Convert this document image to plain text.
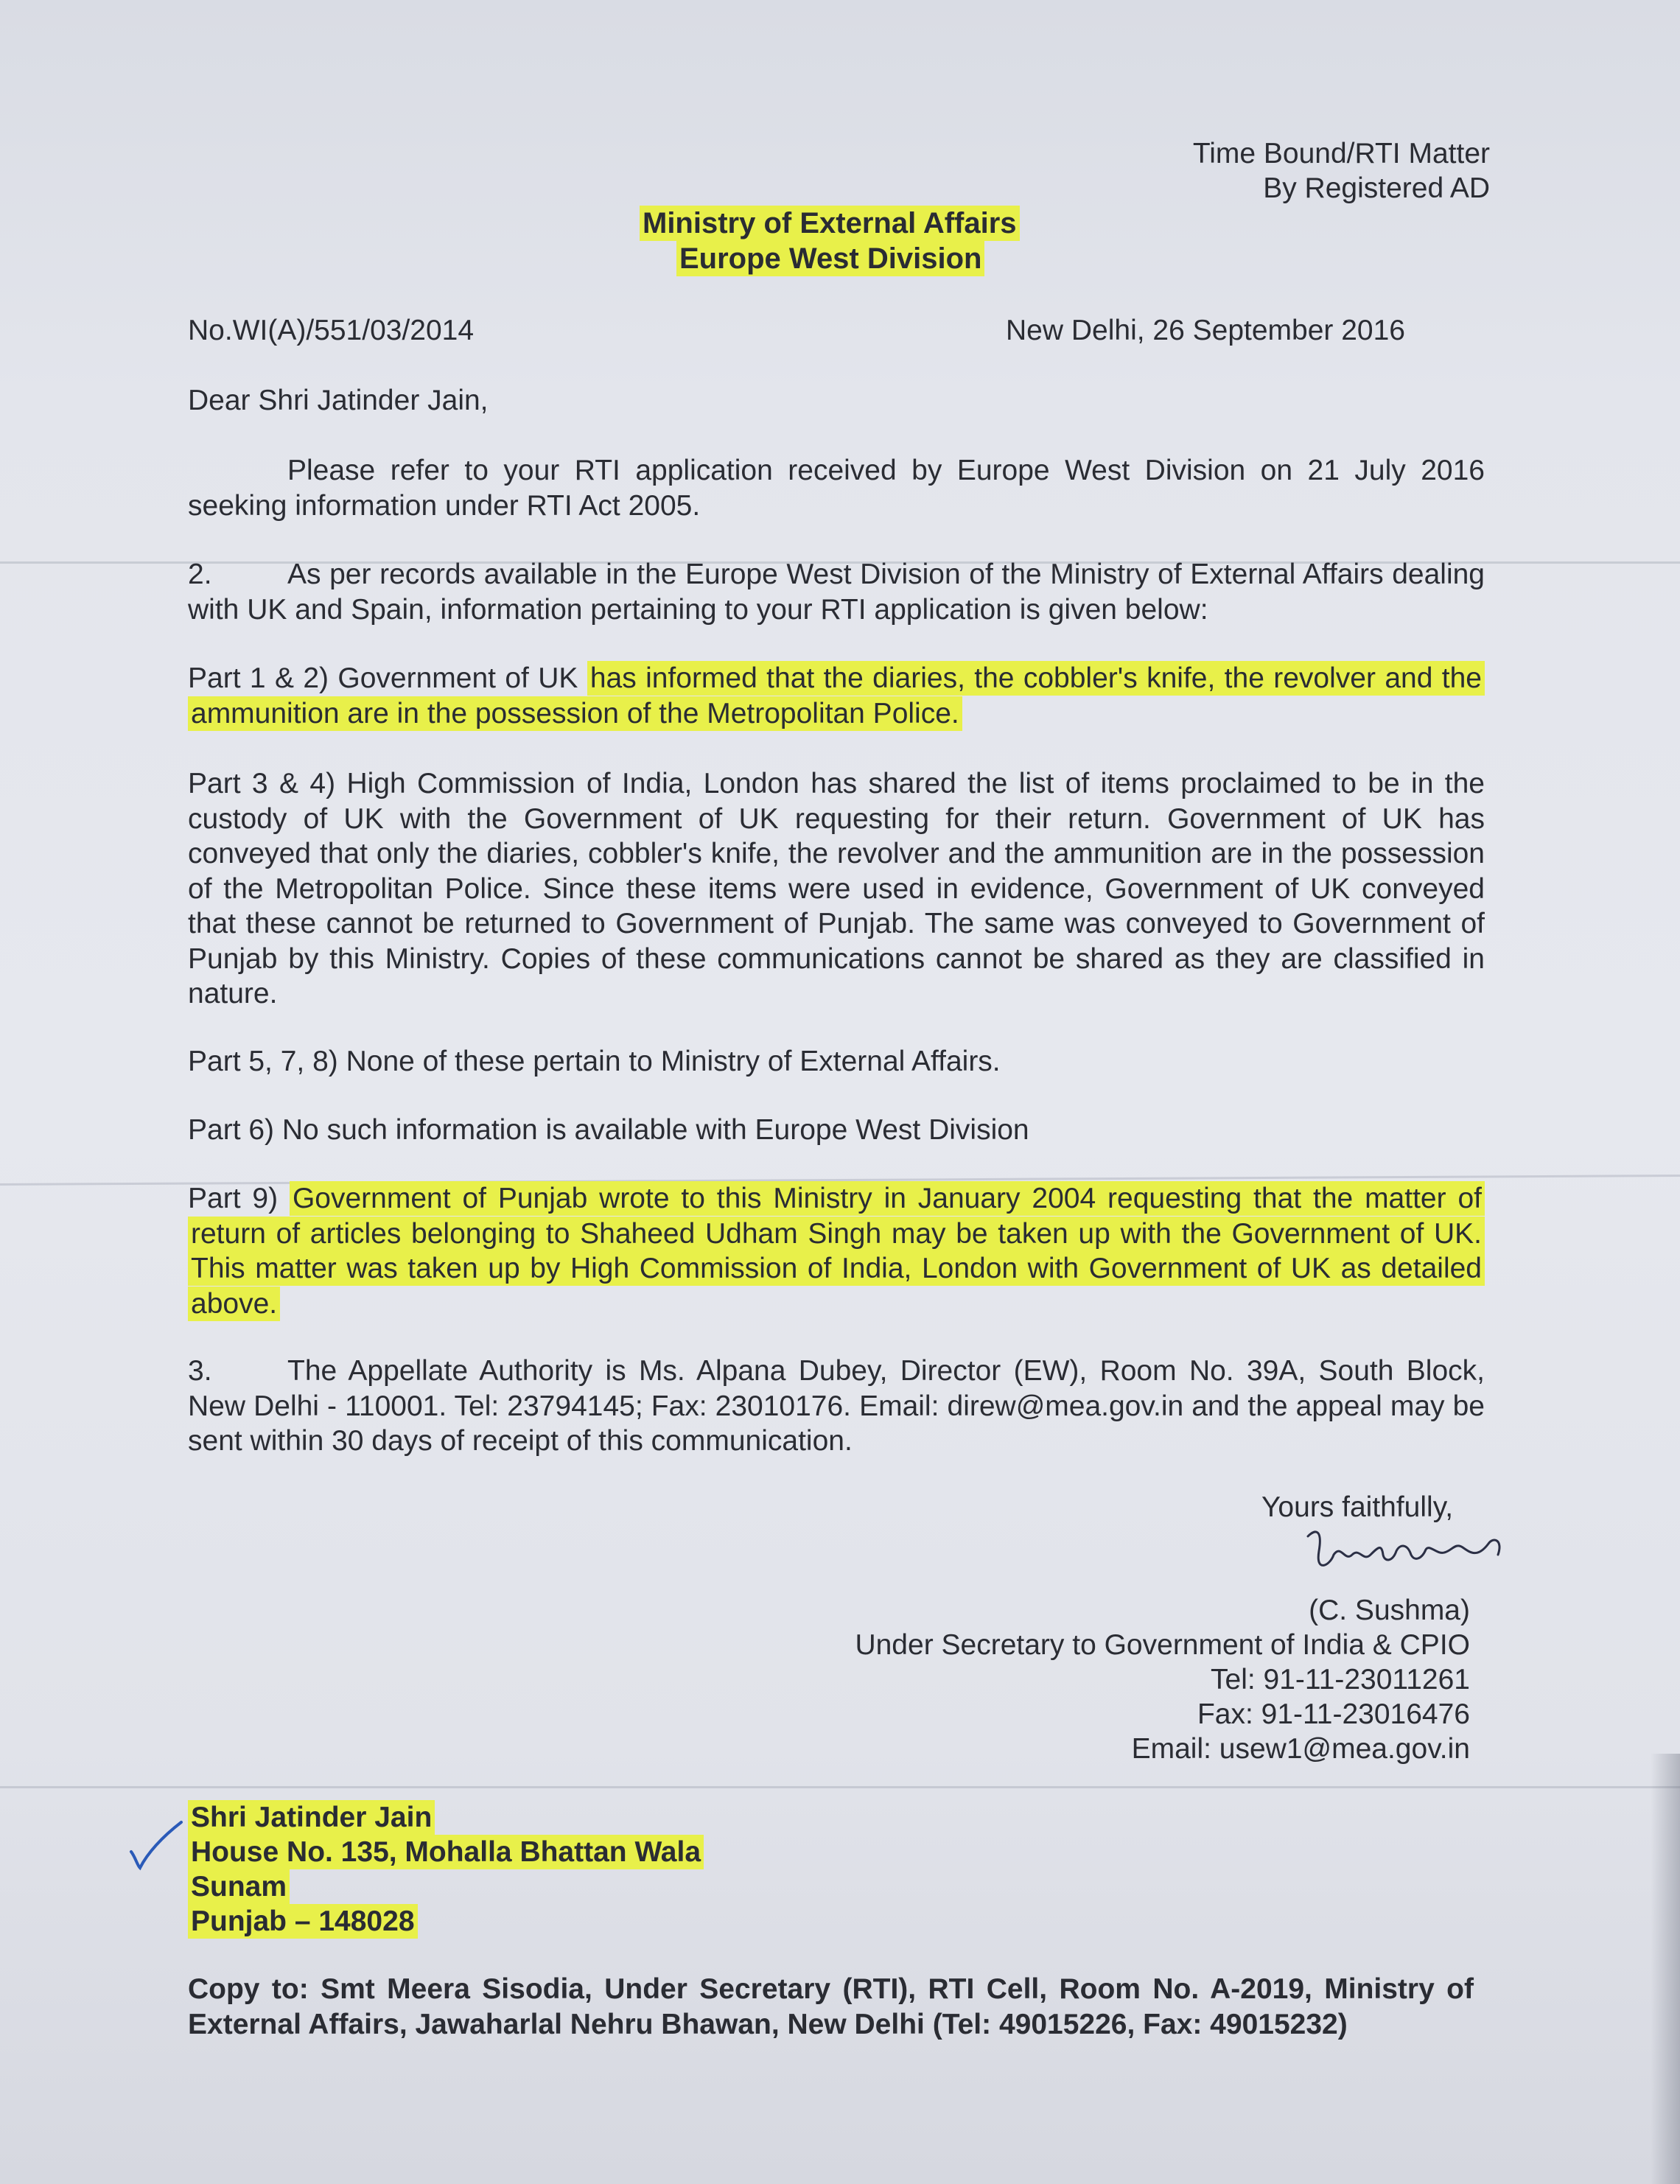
Time Bound/RTI Matter

By Registered AD

Ministry of External Affairs

Europe West Division

No.WI(A)/551/03/2014	New Delhi, 26 September 2016

Dear Shri Jatinder Jain,

Please refer to your RTI application received by Europe West Division on 21 July 2016 seeking information under RTI Act 2005.

2.	As per records available in the Europe West Division of the Ministry of External Affairs dealing with UK and Spain, information pertaining to your RTI application is given below:

Part 1 & 2) Government of UK has informed that the diaries, the cobbler's knife, the revolver and the ammunition are in the possession of the Metropolitan Police.

Part 3 & 4) High Commission of India, London has shared the list of items proclaimed to be in the custody of UK with the Government of UK requesting for their return. Government of UK has conveyed that only the diaries, cobbler's knife, the revolver and the ammunition are in the possession of the Metropolitan Police. Since these items were used in evidence, Government of UK conveyed that these cannot be returned to Government of Punjab. The same was conveyed to Government of Punjab by this Ministry. Copies of these communications cannot be shared as they are classified in nature.

Part 5, 7, 8) None of these pertain to Ministry of External Affairs.

Part 6) No such information is available with Europe West Division

Part 9) Government of Punjab wrote to this Ministry in January 2004 requesting that the matter of return of articles belonging to Shaheed Udham Singh may be taken up with the Government of UK. This matter was taken up by High Commission of India, London with Government of UK as detailed above.

3.	The Appellate Authority is Ms. Alpana Dubey, Director (EW), Room No. 39A, South Block, New Delhi - 110001. Tel: 23794145; Fax: 23010176. Email: direw@mea.gov.in and the appeal may be sent within 30 days of receipt of this communication.

Yours faithfully,

(C. Sushma)

Under Secretary to Government of India & CPIO

Tel: 91-11-23011261

Fax: 91-11-23016476

Email: usew1@mea.gov.in

Shri Jatinder Jain

House No. 135, Mohalla Bhattan Wala

Sunam

Punjab – 148028

Copy to: Smt Meera Sisodia, Under Secretary (RTI), RTI Cell, Room No. A-2019, Ministry of External Affairs, Jawaharlal Nehru Bhawan, New Delhi (Tel: 49015226, Fax: 49015232)
